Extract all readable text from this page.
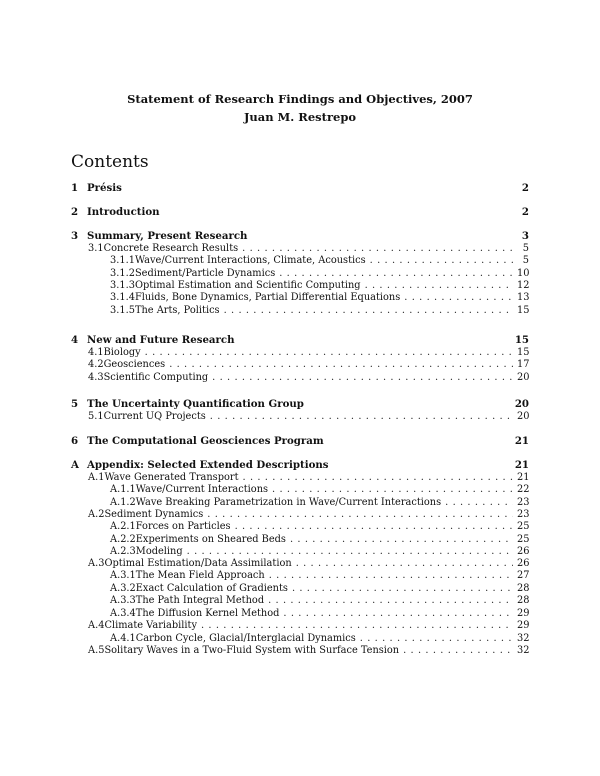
Statement of Research Findings and Objectives, 2007
Juan M. Restrepo
Contents
1 Présis	2
2 Introduction	2
3 Summary, Present Research	3
3.1 Concrete Research Results . . .	5
3.1.1 Wave/Current Interactions, Climate, Acoustics . . .	5
3.1.2 Sediment/Particle Dynamics . . .	10
3.1.3 Optimal Estimation and Scientific Computing . . .	12
3.1.4 Fluids, Bone Dynamics, Partial Differential Equations . . .	13
3.1.5 The Arts, Politics . . .	15
4 New and Future Research	15
4.1 Biology . . .	15
4.2 Geosciences . . .	17
4.3 Scientific Computing . . .	20
5 The Uncertainty Quantification Group	20
5.1 Current UQ Projects . . .	20
6 The Computational Geosciences Program	21
A Appendix: Selected Extended Descriptions	21
A.1 Wave Generated Transport . . .	21
A.1.1 Wave/Current Interactions . . .	22
A.1.2 Wave Breaking Parametrization in Wave/Current Interactions . . .	23
A.2 Sediment Dynamics . . .	23
A.2.1 Forces on Particles . . .	25
A.2.2 Experiments on Sheared Beds . . .	25
A.2.3 Modeling . . .	26
A.3 Optimal Estimation/Data Assimilation . . .	26
A.3.1 The Mean Field Approach . . .	27
A.3.2 Exact Calculation of Gradients . . .	28
A.3.3 The Path Integral Method . . .	28
A.3.4 The Diffusion Kernel Method . . .	29
A.4 Climate Variability . . .	29
A.4.1 Carbon Cycle, Glacial/Interglacial Dynamics . . .	32
A.5 Solitary Waves in a Two-Fluid System with Surface Tension . . .	32
